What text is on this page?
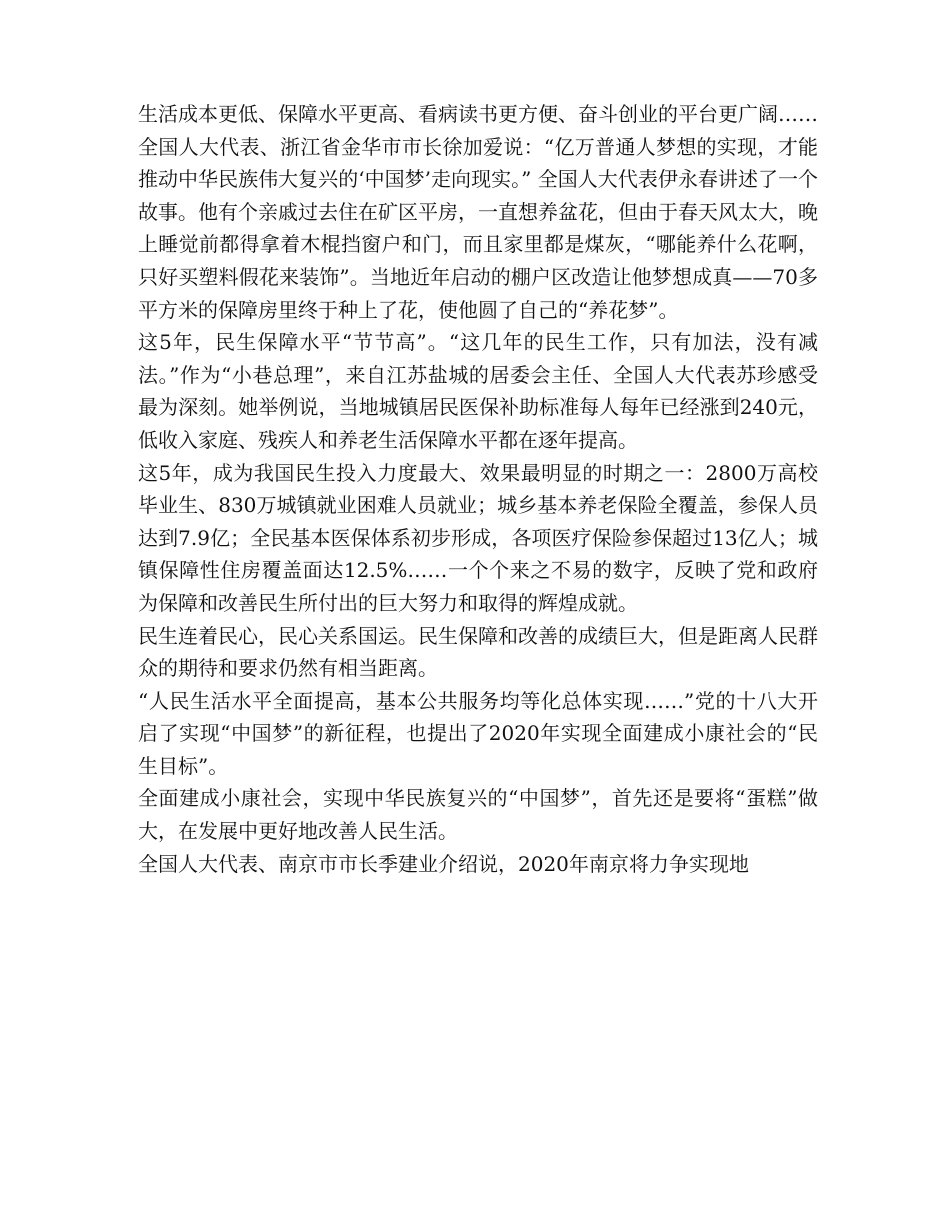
生活成本更低、保障水平更高、看病读书更方便、奋斗创业的平台更广阔……全国人大代表、浙江省金华市市长徐加爱说：“亿万普通人梦想的实现，才能推动中华民族伟大复兴的‘中国梦’走向现实。” 全国人大代表伊永春讲述了一个故事。他有个亲戚过去住在矿区平房，一直想养盆花，但由于春天风太大，晚上睡觉前都得拿着木棍挡窗户和门，而且家里都是煤灰，“哪能养什么花啊，只好买塑料假花来装饰”。当地近年启动的棚户区改造让他梦想成真——70多平方米的保障房里终于种上了花，使他圆了自己的“养花梦”。

这5年，民生保障水平“节节高”。“这几年的民生工作，只有加法，没有减法。”作为“小巷总理”，来自江苏盐城的居委会主任、全国人大代表苏珍感受最为深刻。她举例说，当地城镇居民医保补助标准每人每年已经涨到240元，低收入家庭、残疾人和养老生活保障水平都在逐年提高。

这5年，成为我国民生投入力度最大、效果最明显的时期之一：2800万高校毕业生、830万城镇就业困难人员就业；城乡基本养老保险全覆盖，参保人员达到7.9亿；全民基本医保体系初步形成，各项医疗保险参保超过13亿人；城镇保障性住房覆盖面达12.5%……一个个来之不易的数字，反映了党和政府为保障和改善民生所付出的巨大努力和取得的辉煌成就。

民生连着民心，民心关系国运。民生保障和改善的成绩巨大，但是距离人民群众的期待和要求仍然有相当距离。

“人民生活水平全面提高，基本公共服务均等化总体实现……”党的十八大开启了实现“中国梦”的新征程，也提出了2020年实现全面建成小康社会的“民生目标”。

全面建成小康社会，实现中华民族复兴的“中国梦”，首先还是要将“蛋糕”做大，在发展中更好地改善人民生活。

全国人大代表、南京市市长季建业介绍说，2020年南京将力争实现地
